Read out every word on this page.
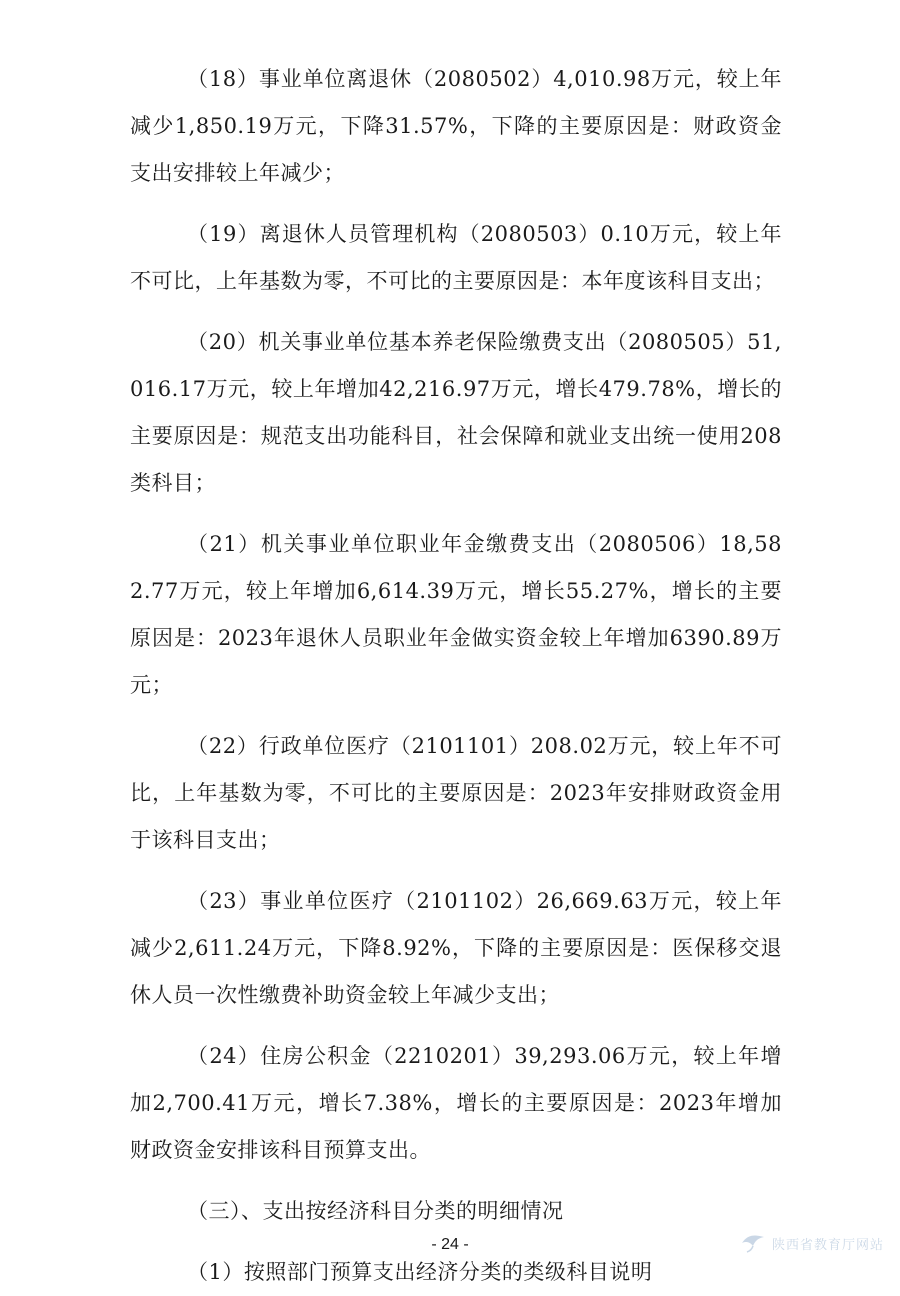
（18）事业单位离退休（2080502）4,010.98万元，较上年减少1,850.19万元，下降31.57%，下降的主要原因是：财政资金支出安排较上年减少；

（19）离退休人员管理机构（2080503）0.10万元，较上年不可比，上年基数为零，不可比的主要原因是：本年度该科目支出；

（20）机关事业单位基本养老保险缴费支出（2080505）51,016.17万元，较上年增加42,216.97万元，增长479.78%，增长的主要原因是：规范支出功能科目，社会保障和就业支出统一使用208类科目；

（21）机关事业单位职业年金缴费支出（2080506）18,582.77万元，较上年增加6,614.39万元，增长55.27%，增长的主要原因是：2023年退休人员职业年金做实资金较上年增加6390.89万元；

（22）行政单位医疗（2101101）208.02万元，较上年不可比，上年基数为零，不可比的主要原因是：2023年安排财政资金用于该科目支出；

（23）事业单位医疗（2101102）26,669.63万元，较上年减少2,611.24万元，下降8.92%，下降的主要原因是：医保移交退休人员一次性缴费补助资金较上年减少支出；

（24）住房公积金（2210201）39,293.06万元，较上年增加2,700.41万元，增长7.38%，增长的主要原因是：2023年增加财政资金安排该科目预算支出。

（三）、支出按经济科目分类的明细情况

（1）按照部门预算支出经济分类的类级科目说明

- 24 -	陕西省教育厅网站
